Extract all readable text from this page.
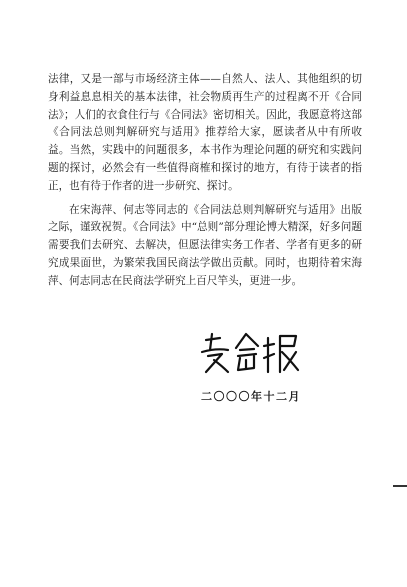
法律，又是一部与市场经济主体——自然人、法人、其他组织的切身利益息息相关的基本法律，社会物质再生产的过程离不开《合同法》；人们的衣食住行与《合同法》密切相关。因此，我愿意将这部《合同法总则判解研究与适用》推荐给大家，愿读者从中有所收益。当然，实践中的问题很多，本书作为理论问题的研究和实践问题的探讨，必然会有一些值得商榷和探讨的地方，有待于读者的指正，也有待于作者的进一步研究、探讨。

在宋海萍、何志等同志的《合同法总则判解研究与适用》出版之际，谨致祝贺。《合同法》中“总则”部分理论博大精深，好多问题需要我们去研究、去解决，但愿法律实务工作者、学者有更多的研究成果面世，为繁荣我国民商法学做出贡献。同时，也期待着宋海萍、何志同志在民商法学研究上百尺竿头，更进一步。

二〇〇〇年十二月
